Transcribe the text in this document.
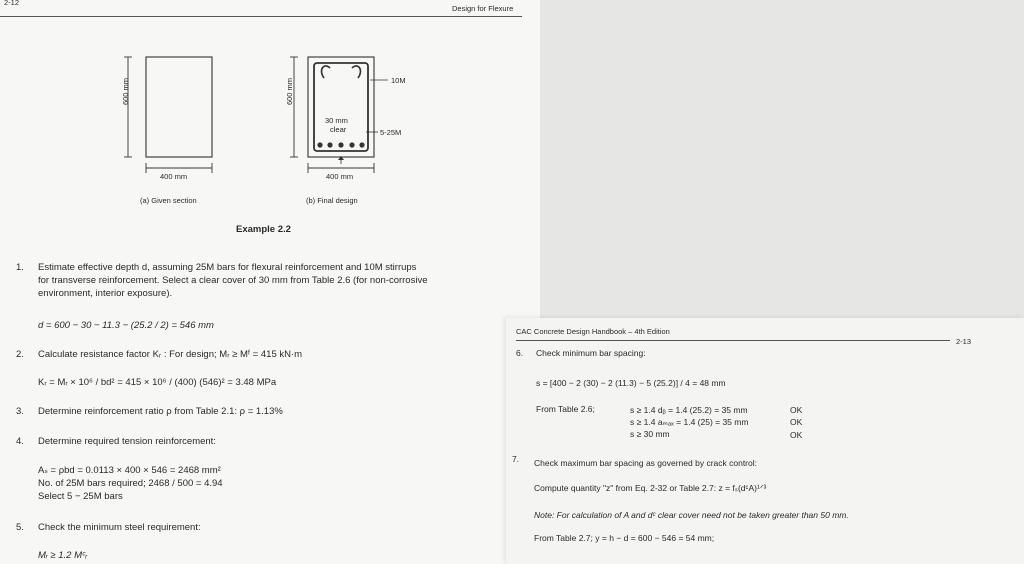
2-12
Design for Flexure
600 mm
400 mm
(a) Given section
600 mm	10M
5-25M
30 mm
clear
400 mm
(b) Final design
Example 2.2
1. Estimate effective depth d, assuming 25M bars for flexural reinforcement and 10M stirrups
for transverse reinforcement. Select a clear cover of 30 mm from Table 2.6 (for non-corrosive
environment, interior exposure).
d = 600 − 30 − 11.3 − (25.2 / 2) = 546 mm
2. Calculate resistance factor Kᵣ : For design; Mᵣ ≥ Mᶠ = 415 kN·m
Kᵣ = Mᵣ × 10⁶ / bd² = 415 × 10⁶ / (400) (546)² = 3.48 MPa
3. Determine reinforcement ratio ρ from Table 2.1: ρ = 1.13%
4. Determine required tension reinforcement:
Aₛ = ρbd = 0.0113 × 400 × 546 = 2468 mm²
No. of 25M bars required; 2468 / 500 = 4.94
Select 5 − 25M bars
5. Check the minimum steel requirement:
Mᵣ ≥ 1.2 Mᶜᵣ
CAC Concrete Design Handbook – 4th Edition
2-13
6. Check minimum bar spacing:
s = [400 − 2 (30) − 2 (11.3) − 5 (25.2)] / 4 = 48 mm
From Table 2.6;	s ≥ 1.4 dᵦ = 1.4 (25.2) = 35 mm	OK
s ≥ 1.4 aₘₐₓ = 1.4 (25) = 35 mm	OK
s ≥ 30 mm	OK
7. Check maximum bar spacing as governed by crack control:
Compute quantity "z" from Eq. 2-32 or Table 2.7: z = fₛ(dᶜA)¹ᐟ³
Note: For calculation of A and dᶜ clear cover need not be taken greater than 50 mm.
From Table 2.7; y = h − d = 600 − 546 = 54 mm;
